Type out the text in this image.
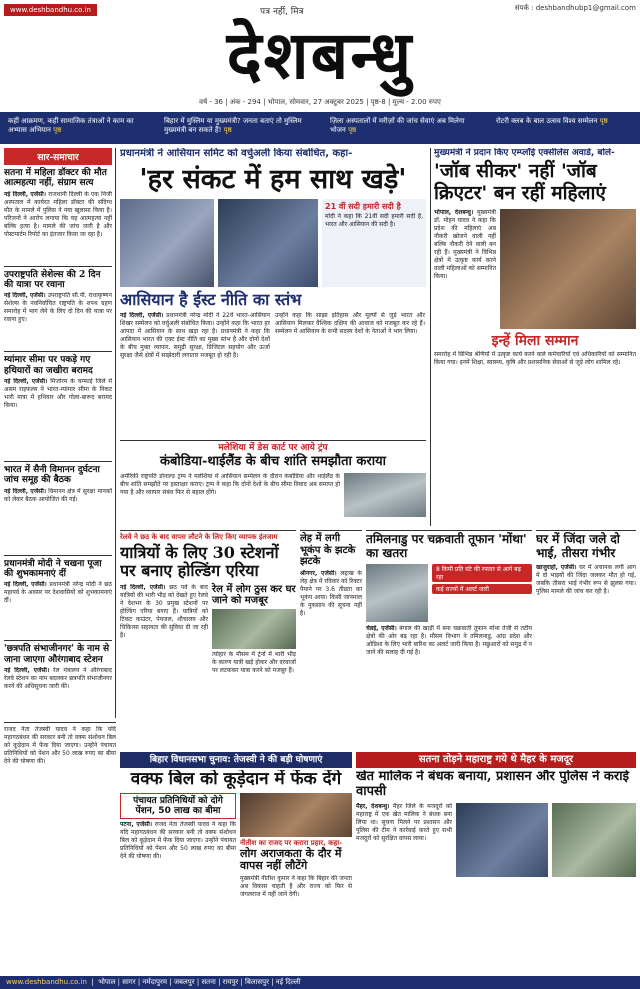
www.deshbandhu.co.in	पत्र नहीं, मित्र	संपर्क : deshbandhubp1@gmail.com
देशबन्धु
वर्ष - 36 | अंक - 294 | भोपाल, सोमवार, 27 अक्टूबर 2025 | पृष्ठ-8 | मूल्य - 2.00 रुपए
कहीं आक्रमण, कहीं सामाजिक तंत्राओं ने काम का अभ्यास अभियान पृष्ठ
बिहार में मुस्लिम या मुख्यमंत्री? जनता बताएं तो मुस्लिम मुख्यमंत्री बन सकते हैं! पृष्ठ
ज़िला अस्पतालों में मरीज़ों की जांच सेवाएं अब मिलेगा भोजन पृष्ठ
रोटरी क्लब के बाल उत्सव विश्व सम्मेलन पृष्ठ
सार-समाचार
सतना में महिला डॉक्टर की मौत आत्महत्या नहीं, संग्राम सत्य
नई दिल्ली, एजेंसी। राजधानी दिल्ली के एक निजी अस्पताल में कार्यरत महिला डॉक्टर की संदिग्ध मौत के मामले में पुलिस ने नया खुलासा किया है। परिजनों ने आरोप लगाया कि यह आत्महत्या नहीं बल्कि हत्या है। मामले की जांच जारी है और पोस्टमार्टम रिपोर्ट का इंतजार किया जा रहा है।
उपराष्ट्रपति सेशेल्स की 2 दिन की यात्रा पर रवाना
नई दिल्ली, एजेंसी। उपराष्ट्रपति सी.पी. राधाकृष्णन सेशेल्स के नवनिर्वाचित राष्ट्रपति के शपथ ग्रहण समारोह में भाग लेने के लिए दो दिन की यात्रा पर रवाना हुए।
म्यांमार सीमा पर पकड़े गए हथियारों का जखीरा बरामद
नई दिल्ली, एजेंसी। मिजोरम के चम्फाई जिले में असम राइफल्स ने भारत-म्यांमार सीमा के निकट भारी मात्रा में हथियार और गोला-बारूद बरामद किया।
भारत में सैनी विमानन दुर्घटना जांच समूह की बैठक
नई दिल्ली, एजेंसी। विमानन क्षेत्र में सुरक्षा मानकों को लेकर बैठक आयोजित की गई।
प्रधानमंत्री मोदी ने चखना पूजा की शुभकामनाएं दीं
नई दिल्ली, एजेंसी। प्रधानमंत्री नरेन्द्र मोदी ने छठ महापर्व के अवसर पर देशवासियों को शुभकामनाएं दीं।
'छत्रपति संभाजीनगर' के नाम से जाना जाएगा औरंगाबाद स्टेशन
नई दिल्ली, एजेंसी। रेल मंत्रालय ने औरंगाबाद रेलवे स्टेशन का नाम बदलकर छत्रपति संभाजीनगर करने की अधिसूचना जारी की।
प्रधानमंत्री ने आसियान समिट को वर्चुअली किया संबोधित, कहा-
'हर संकट में हम साथ खड़े'
21 वीं सदी हमारी सदी है
मोदी ने कहा कि 21वीं सदी हमारी सदी है, भारत और आसियान की सदी है।
आसियान है ईस्ट नीति का स्तंभ
नई दिल्ली, एजेंसी। प्रधानमंत्री नरेन्द्र मोदी ने 22वें भारत-आसियान शिखर सम्मेलन को वर्चुअली संबोधित किया। उन्होंने कहा कि भारत हर आपदा में आसियान के साथ खड़ा रहा है। प्रधानमंत्री ने कहा कि आसियान भारत की एक्ट ईस्ट नीति का मुख्य स्तंभ है और दोनों देशों के बीच मुक्त व्यापार, समुद्री सुरक्षा, डिजिटल सहयोग और ऊर्जा सुरक्षा जैसे क्षेत्रों में साझेदारी लगातार मजबूत हो रही है।
उन्होंने कहा कि साझा इतिहास और मूल्यों से जुड़े भारत और आसियान मिलकर वैश्विक दक्षिण की आवाज को मजबूत कर रहे हैं। सम्मेलन में आसियान के सभी सदस्य देशों के नेताओं ने भाग लिया।
मलेशिया में डेस कार्ट पर आये ट्रंप
कंबोडिया-थाईलैंड के बीच शांति समझौता कराया
अमेरिकी राष्ट्रपति डोनाल्ड ट्रम्प ने मलेशिया में आसियान सम्मेलन के दौरान कंबोडिया और थाईलैंड के बीच शांति समझौते पर हस्ताक्षर कराए। ट्रम्प ने कहा कि दोनों देशों के बीच सीमा विवाद अब समाप्त हो गया है और व्यापार संबंध फिर से बहाल होंगे।
मुख्यमंत्री ने प्रदान किए एम्प्लॉई एक्सीलेंस अवार्ड, बोले-
'जॉब सीकर' नहीं 'जॉब क्रिएटर' बन रहीं महिलाएं
भोपाल, देशबन्धु। मुख्यमंत्री डॉ. मोहन यादव ने कहा कि प्रदेश की महिलाएं अब नौकरी खोजने वाली नहीं बल्कि नौकरी देने वाली बन रही हैं। मुख्यमंत्री ने विभिन्न क्षेत्रों में उत्कृष्ट कार्य करने वाली महिलाओं को सम्मानित किया।
इन्हें मिला सम्मान
समारोह में विभिन्न श्रेणियों में उत्कृष्ट कार्य करने वाले कर्मचारियों एवं अधिकारियों को सम्मानित किया गया। इनमें शिक्षा, स्वास्थ्य, कृषि और प्रशासनिक सेवाओं से जुड़े लोग शामिल रहे।
रेलवे ने छठ के बाद वापस लौटने के लिए किए व्यापक इंतजाम
यात्रियों के लिए 30 स्टेशनों पर बनाए होल्डिंग एरिया
नई दिल्ली, एजेंसी। छठ पर्व के बाद यात्रियों की भारी भीड़ को देखते हुए रेलवे ने देशभर के 30 प्रमुख स्टेशनों पर होल्डिंग एरिया बनाए हैं। यात्रियों को टिकट काउंटर, पेयजल, शौचालय और चिकित्सा सहायता की सुविधा दी जा रही है।
रेल में लोग ठुस कर घर जाने को मजबूर
त्योहार के मौसम में ट्रेनों में भारी भीड़ के कारण यात्री खड़े होकर और दरवाजों पर लटककर यात्रा करने को मजबूर हैं।
लेह में लगी भूकंप के झटके झटके
श्रीनगर, एजेंसी। लद्दाख के लेह क्षेत्र में रविवार को रिक्टर पैमाने पर 3.6 तीव्रता का भूकंप आया। किसी जानमाल के नुकसान की सूचना नहीं है।
तमिलनाडु पर चक्रवाती तूफान 'मोंथा' का खतरा
8 किमी प्रति घंटे की रफ्तार से आगे बढ़ रहा
कई राज्यों में अलर्ट जारी
चेन्नई, एजेंसी। बंगाल की खाड़ी में बना चक्रवाती तूफान मोंथा तेजी से तटीय क्षेत्रों की ओर बढ़ रहा है। मौसम विभाग ने तमिलनाडु, आंध्र प्रदेश और ओडिशा के लिए भारी बारिश का अलर्ट जारी किया है। मछुआरों को समुद्र में न जाने की सलाह दी गई है।
घर में जिंदा जले दो भाई, तीसरा गंभीर
खाजुराहो, एजेंसी। घर में अचानक लगी आग में दो भाइयों की जिंदा जलकर मौत हो गई, जबकि तीसरा भाई गंभीर रूप से झुलस गया। पुलिस मामले की जांच कर रही है।
बिहार विधानसभा चुनाव: तेजस्वी ने की बड़ी घोषणाएं
वक्फ बिल को कूड़ेदान में फेंक देंगे
पंचायत प्रतिनिधियों को दोगे पेंशन, 50 लाख का बीमा
पटना, एजेंसी। राजद नेता तेजस्वी यादव ने कहा कि यदि महागठबंधन की सरकार बनी तो वक्फ संशोधन बिल को कूड़ेदान में फेंक दिया जाएगा। उन्होंने पंचायत प्रतिनिधियों को पेंशन और 50 लाख रुपए का बीमा देने की घोषणा की।
नीतीश का राजद पर करारा प्रहार, कहा-
लोग अराजकता के दौर में वापस नहीं लौटेंगे
मुख्यमंत्री नीतीश कुमार ने कहा कि बिहार की जनता अब विकास चाहती है और राज्य को फिर से जंगलराज में नहीं जाने देगी।
राजद नेता तेजस्वी यादव ने कहा कि यदि महागठबंधन की सरकार बनी तो वक्फ संशोधन बिल को कूड़ेदान में फेंक दिया जाएगा। उन्होंने पंचायत प्रतिनिधियों को पेंशन और 50 लाख रुपए का बीमा देने की घोषणा की।	सतना तोड़ने महाराष्ट्र गये थे मैहर के मजदूर
खेत मालिक ने बंधक बनाया, प्रशासन और पुलिस ने कराई वापसी
मैहर, देशबन्धु। मैहर जिले के मजदूरों को महाराष्ट्र में एक खेत मालिक ने बंधक बना लिया था। सूचना मिलने पर प्रशासन और पुलिस की टीम ने कार्रवाई करते हुए सभी मजदूरों को सुरक्षित वापस लाया।
www.deshbandhu.co.in  |  भोपाल | सागर | नर्मदापुरम | जबलपुर | सतना | रायपुर | बिलासपुर | नई दिल्ली
